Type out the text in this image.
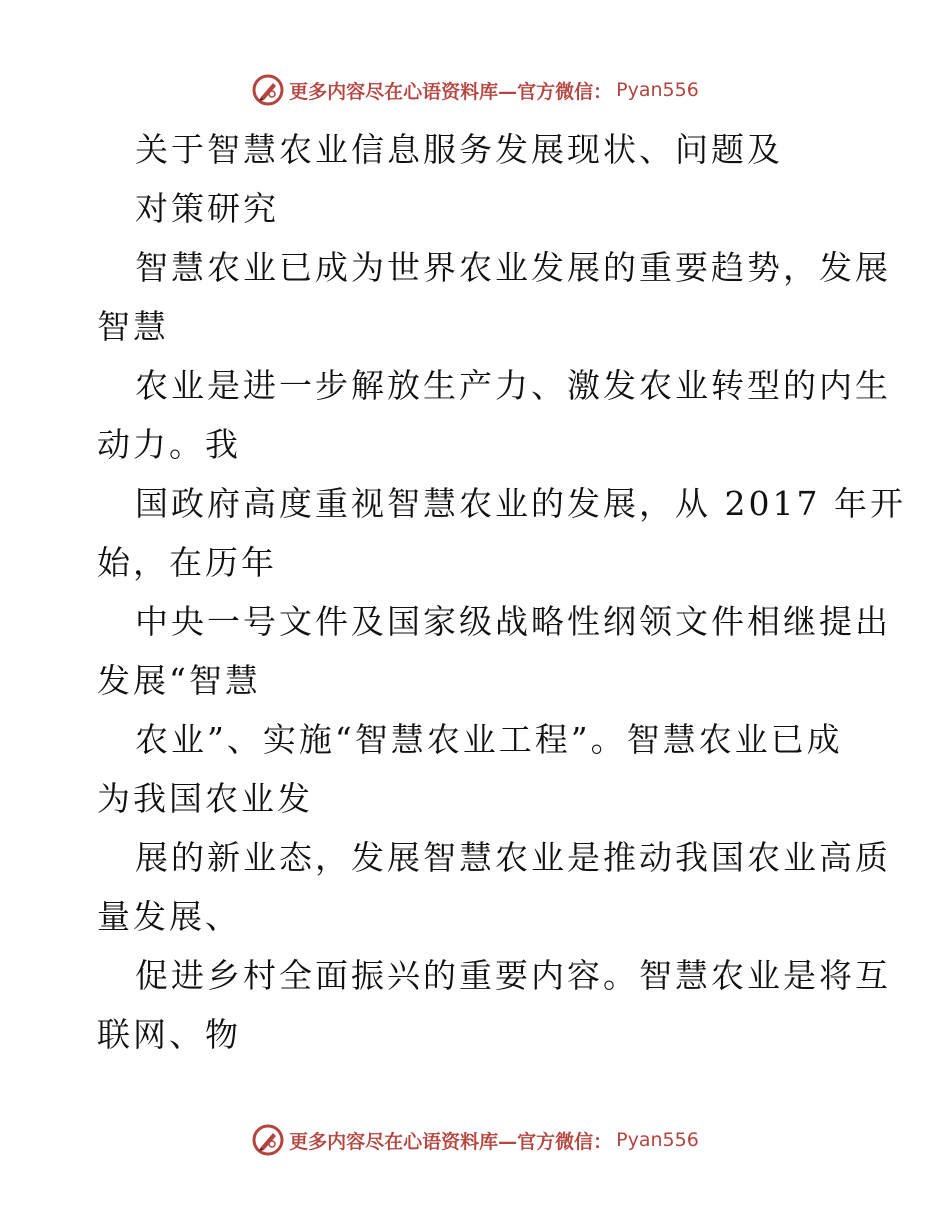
更多内容尽在心语资料库—官方微信： Pyan556
关于智慧农业信息服务发展现状、问题及
对策研究
智慧农业已成为世界农业发展的重要趋势，发展
智慧
农业是进一步解放生产力、激发农业转型的内生
动力。我
国政府高度重视智慧农业的发展，从 2017 年开
始，在历年
中央一号文件及国家级战略性纲领文件相继提出
发展“智慧
农业”、实施“智慧农业工程”。智慧农业已成
为我国农业发
展的新业态，发展智慧农业是推动我国农业高质
量发展、
促进乡村全面振兴的重要内容。智慧农业是将互
联网、物
更多内容尽在心语资料库—官方微信： Pyan556
